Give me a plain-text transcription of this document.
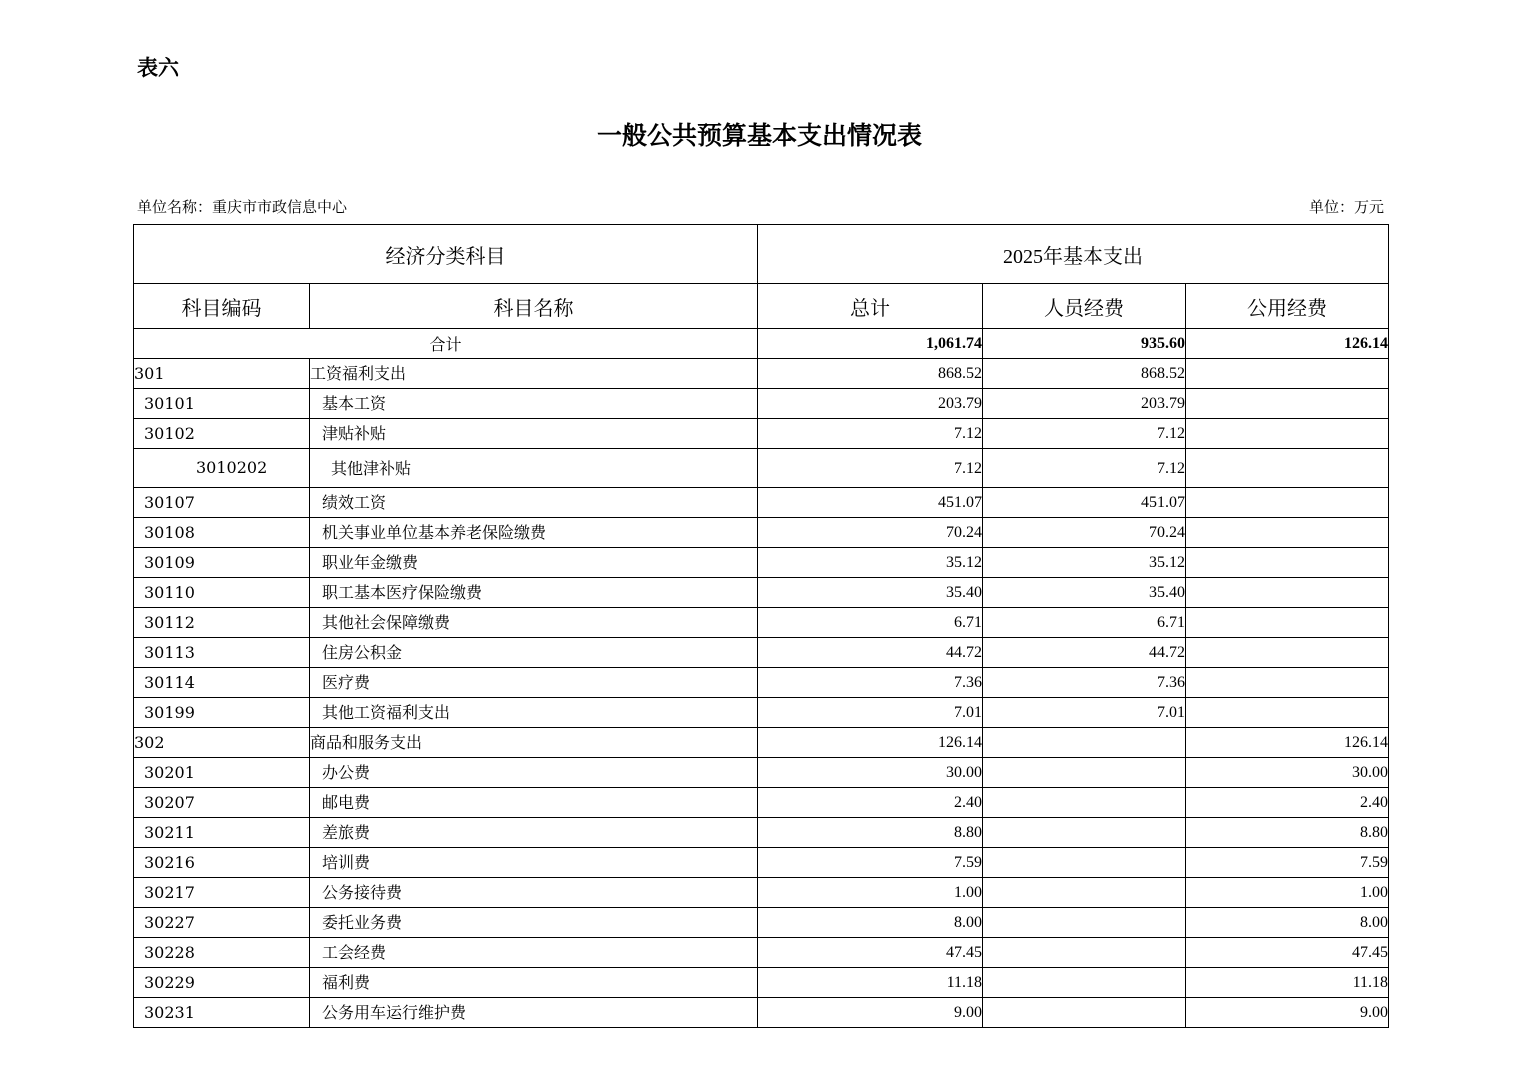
表六
一般公共预算基本支出情况表
单位名称：重庆市市政信息中心	单位：万元
经济分类科目		2025年基本支出		
科目编码	科目名称	总计	人员经费	公用经费
合计		1,061.74	935.60	126.14
301	工资福利支出	868.52	868.52	
30101	基本工资	203.79	203.79	
30102	津贴补贴	7.12	7.12	
3010202	其他津补贴	7.12	7.12	
30107	绩效工资	451.07	451.07	
30108	机关事业单位基本养老保险缴费	70.24	70.24	
30109	职业年金缴费	35.12	35.12	
30110	职工基本医疗保险缴费	35.40	35.40	
30112	其他社会保障缴费	6.71	6.71	
30113	住房公积金	44.72	44.72	
30114	医疗费	7.36	7.36	
30199	其他工资福利支出	7.01	7.01	
302	商品和服务支出	126.14		126.14
30201	办公费	30.00		30.00
30207	邮电费	2.40		2.40
30211	差旅费	8.80		8.80
30216	培训费	7.59		7.59
30217	公务接待费	1.00		1.00
30227	委托业务费	8.00		8.00
30228	工会经费	47.45		47.45
30229	福利费	11.18		11.18
30231	公务用车运行维护费	9.00		9.00
